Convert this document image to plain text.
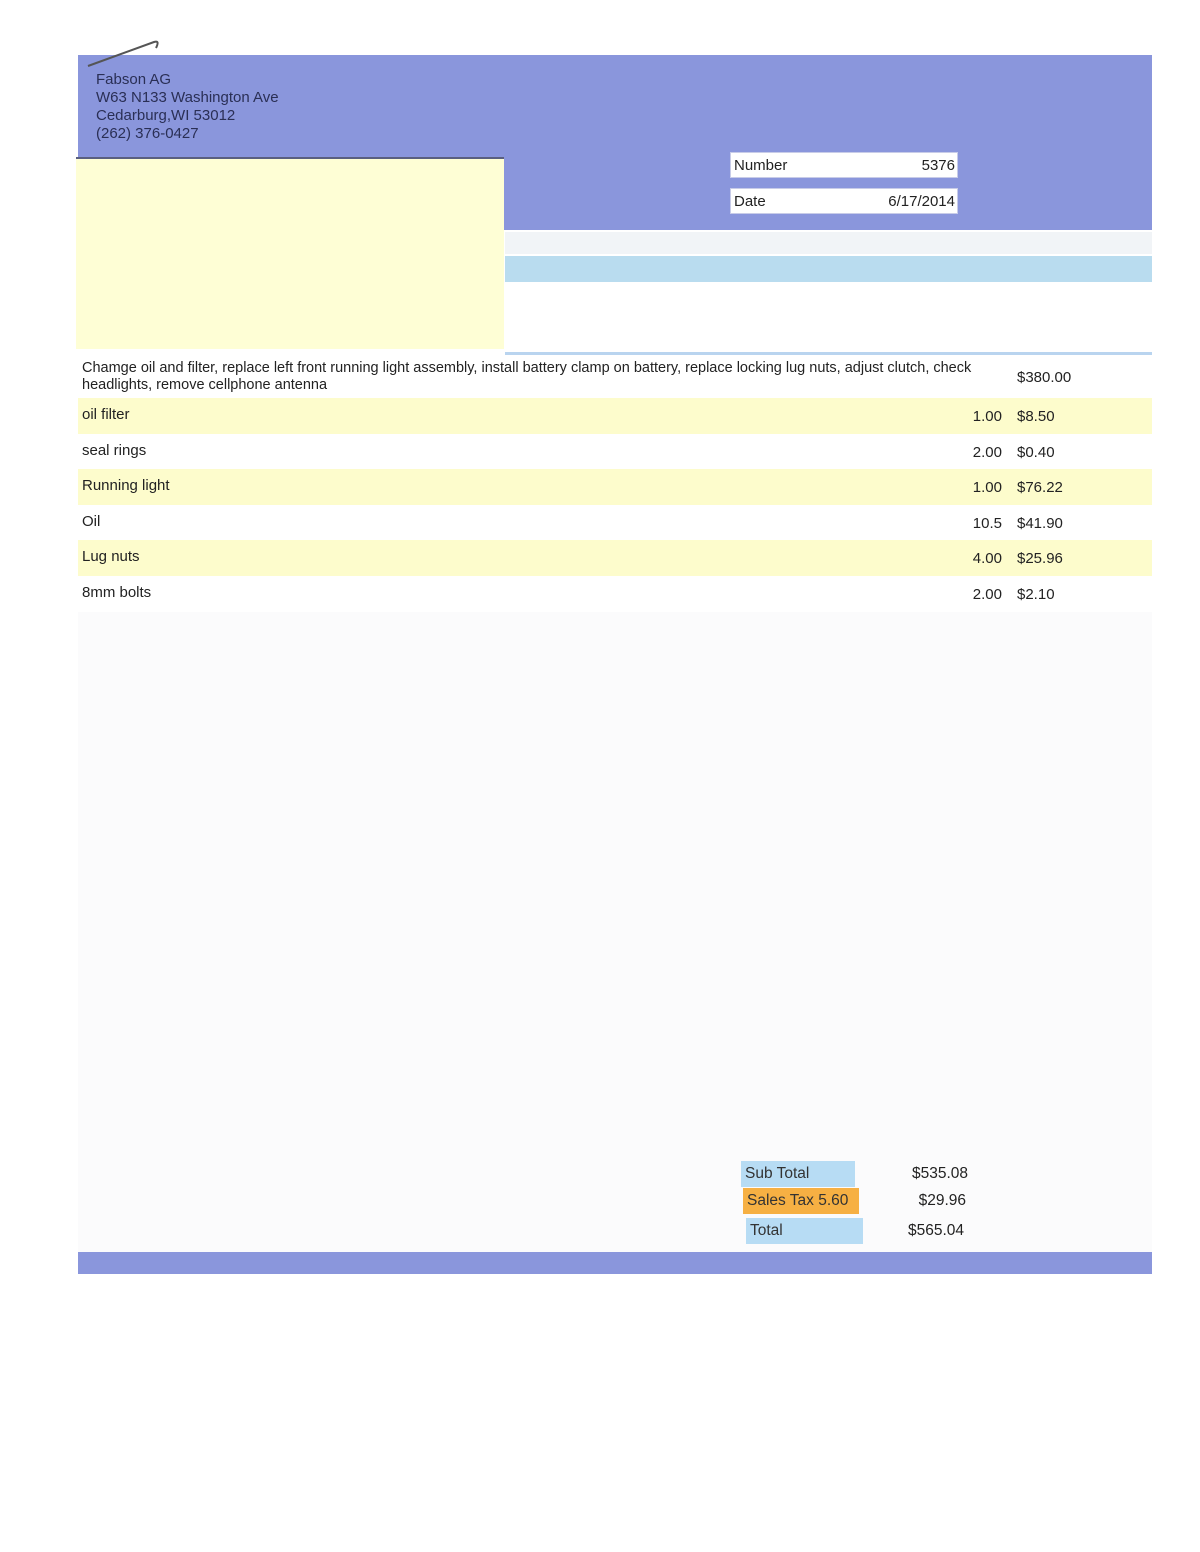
Fabson AG
W63 N133 Washington Ave
Cedarburg,WI 53012
(262) 376-0427
Number	5376
Date	6/17/2014
Chamge oil and filter, replace left front running light assembly, install battery clamp on battery, replace locking lug nuts, adjust clutch, check headlights, remove cellphone antenna	$380.00
oil filter	1.00 $8.50
seal rings	2.00 $0.40
Running light	1.00 $76.22
Oil	10.5 $41.90
Lug nuts	4.00 $25.96
8mm bolts	2.00 $2.10
Sub Total	$535.08
Sales Tax 5.60	$29.96
Total	$565.04
